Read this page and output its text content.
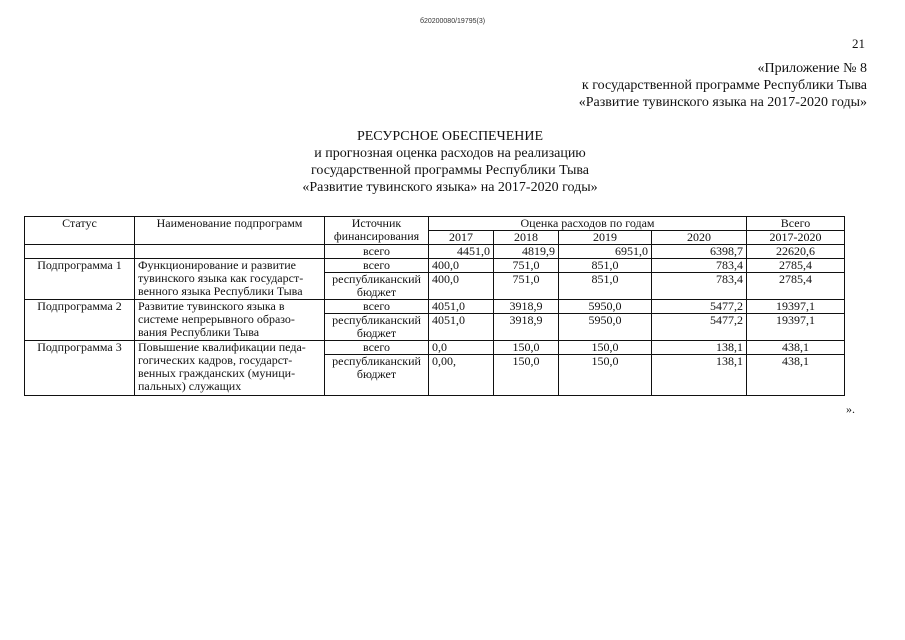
б20200080/19795(3)
21
«Приложение № 8
к государственной программе Республики Тыва
«Развитие тувинского языка на 2017-2020 годы»
РЕСУРСНОЕ ОБЕСПЕЧЕНИЕ
и прогнозная оценка расходов на реализацию
государственной программы Республики Тыва
«Развитие тувинского языка» на 2017-2020 годы»
Статус	Наименование подпрограмм	Источник финансирования	Оценка расходов по годам				Всего
			2017	2018	2019	2020	2017-2020
		всего	4451,0	4819,9	6951,0	6398,7	22620,6
Подпрограмма 1	Функционирование и развитие тувинского языка как государст-венного языка Республики Тыва	всего	400,0	751,0	851,0	783,4	2785,4
		республиканский бюджет	400,0	751,0	851,0	783,4	2785,4
Подпрограмма 2	Развитие тувинского языка в системе непрерывного образо-вания Республики Тыва	всего	4051,0	3918,9	5950,0	5477,2	19397,1
		республиканский бюджет	4051,0	3918,9	5950,0	5477,2	19397,1
Подпрограмма 3	Повышение квалификации педа-гогических кадров, государст-венных гражданских (муници-пальных) служащих	всего	0,0	150,0	150,0	138,1	438,1
		республиканский бюджет	0,00,	150,0	150,0	138,1	438,1
».
